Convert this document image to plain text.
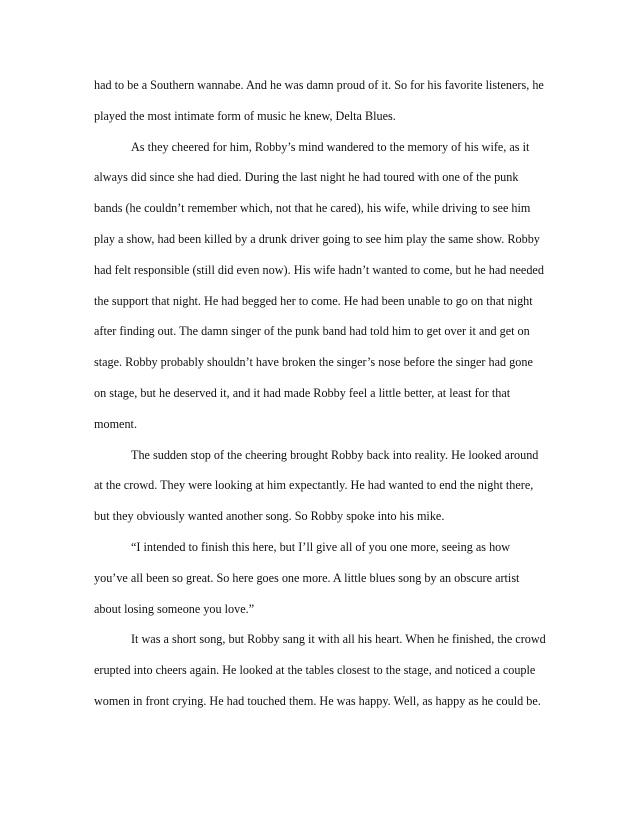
had to be a Southern wannabe. And he was damn proud of it. So for his favorite listeners, he played the most intimate form of music he knew, Delta Blues.

As they cheered for him, Robby’s mind wandered to the memory of his wife, as it always did since she had died. During the last night he had toured with one of the punk bands (he couldn’t remember which, not that he cared), his wife, while driving to see him play a show, had been killed by a drunk driver going to see him play the same show. Robby had felt responsible (still did even now). His wife hadn’t wanted to come, but he had needed the support that night. He had begged her to come. He had been unable to go on that night after finding out. The damn singer of the punk band had told him to get over it and get on stage. Robby probably shouldn’t have broken the singer’s nose before the singer had gone on stage, but he deserved it, and it had made Robby feel a little better, at least for that moment.

The sudden stop of the cheering brought Robby back into reality. He looked around at the crowd. They were looking at him expectantly. He had wanted to end the night there, but they obviously wanted another song. So Robby spoke into his mike.

“I intended to finish this here, but I’ll give all of you one more, seeing as how you’ve all been so great. So here goes one more. A little blues song by an obscure artist about losing someone you love.”

It was a short song, but Robby sang it with all his heart. When he finished, the crowd erupted into cheers again. He looked at the tables closest to the stage, and noticed a couple women in front crying. He had touched them. He was happy. Well, as happy as he could be.
